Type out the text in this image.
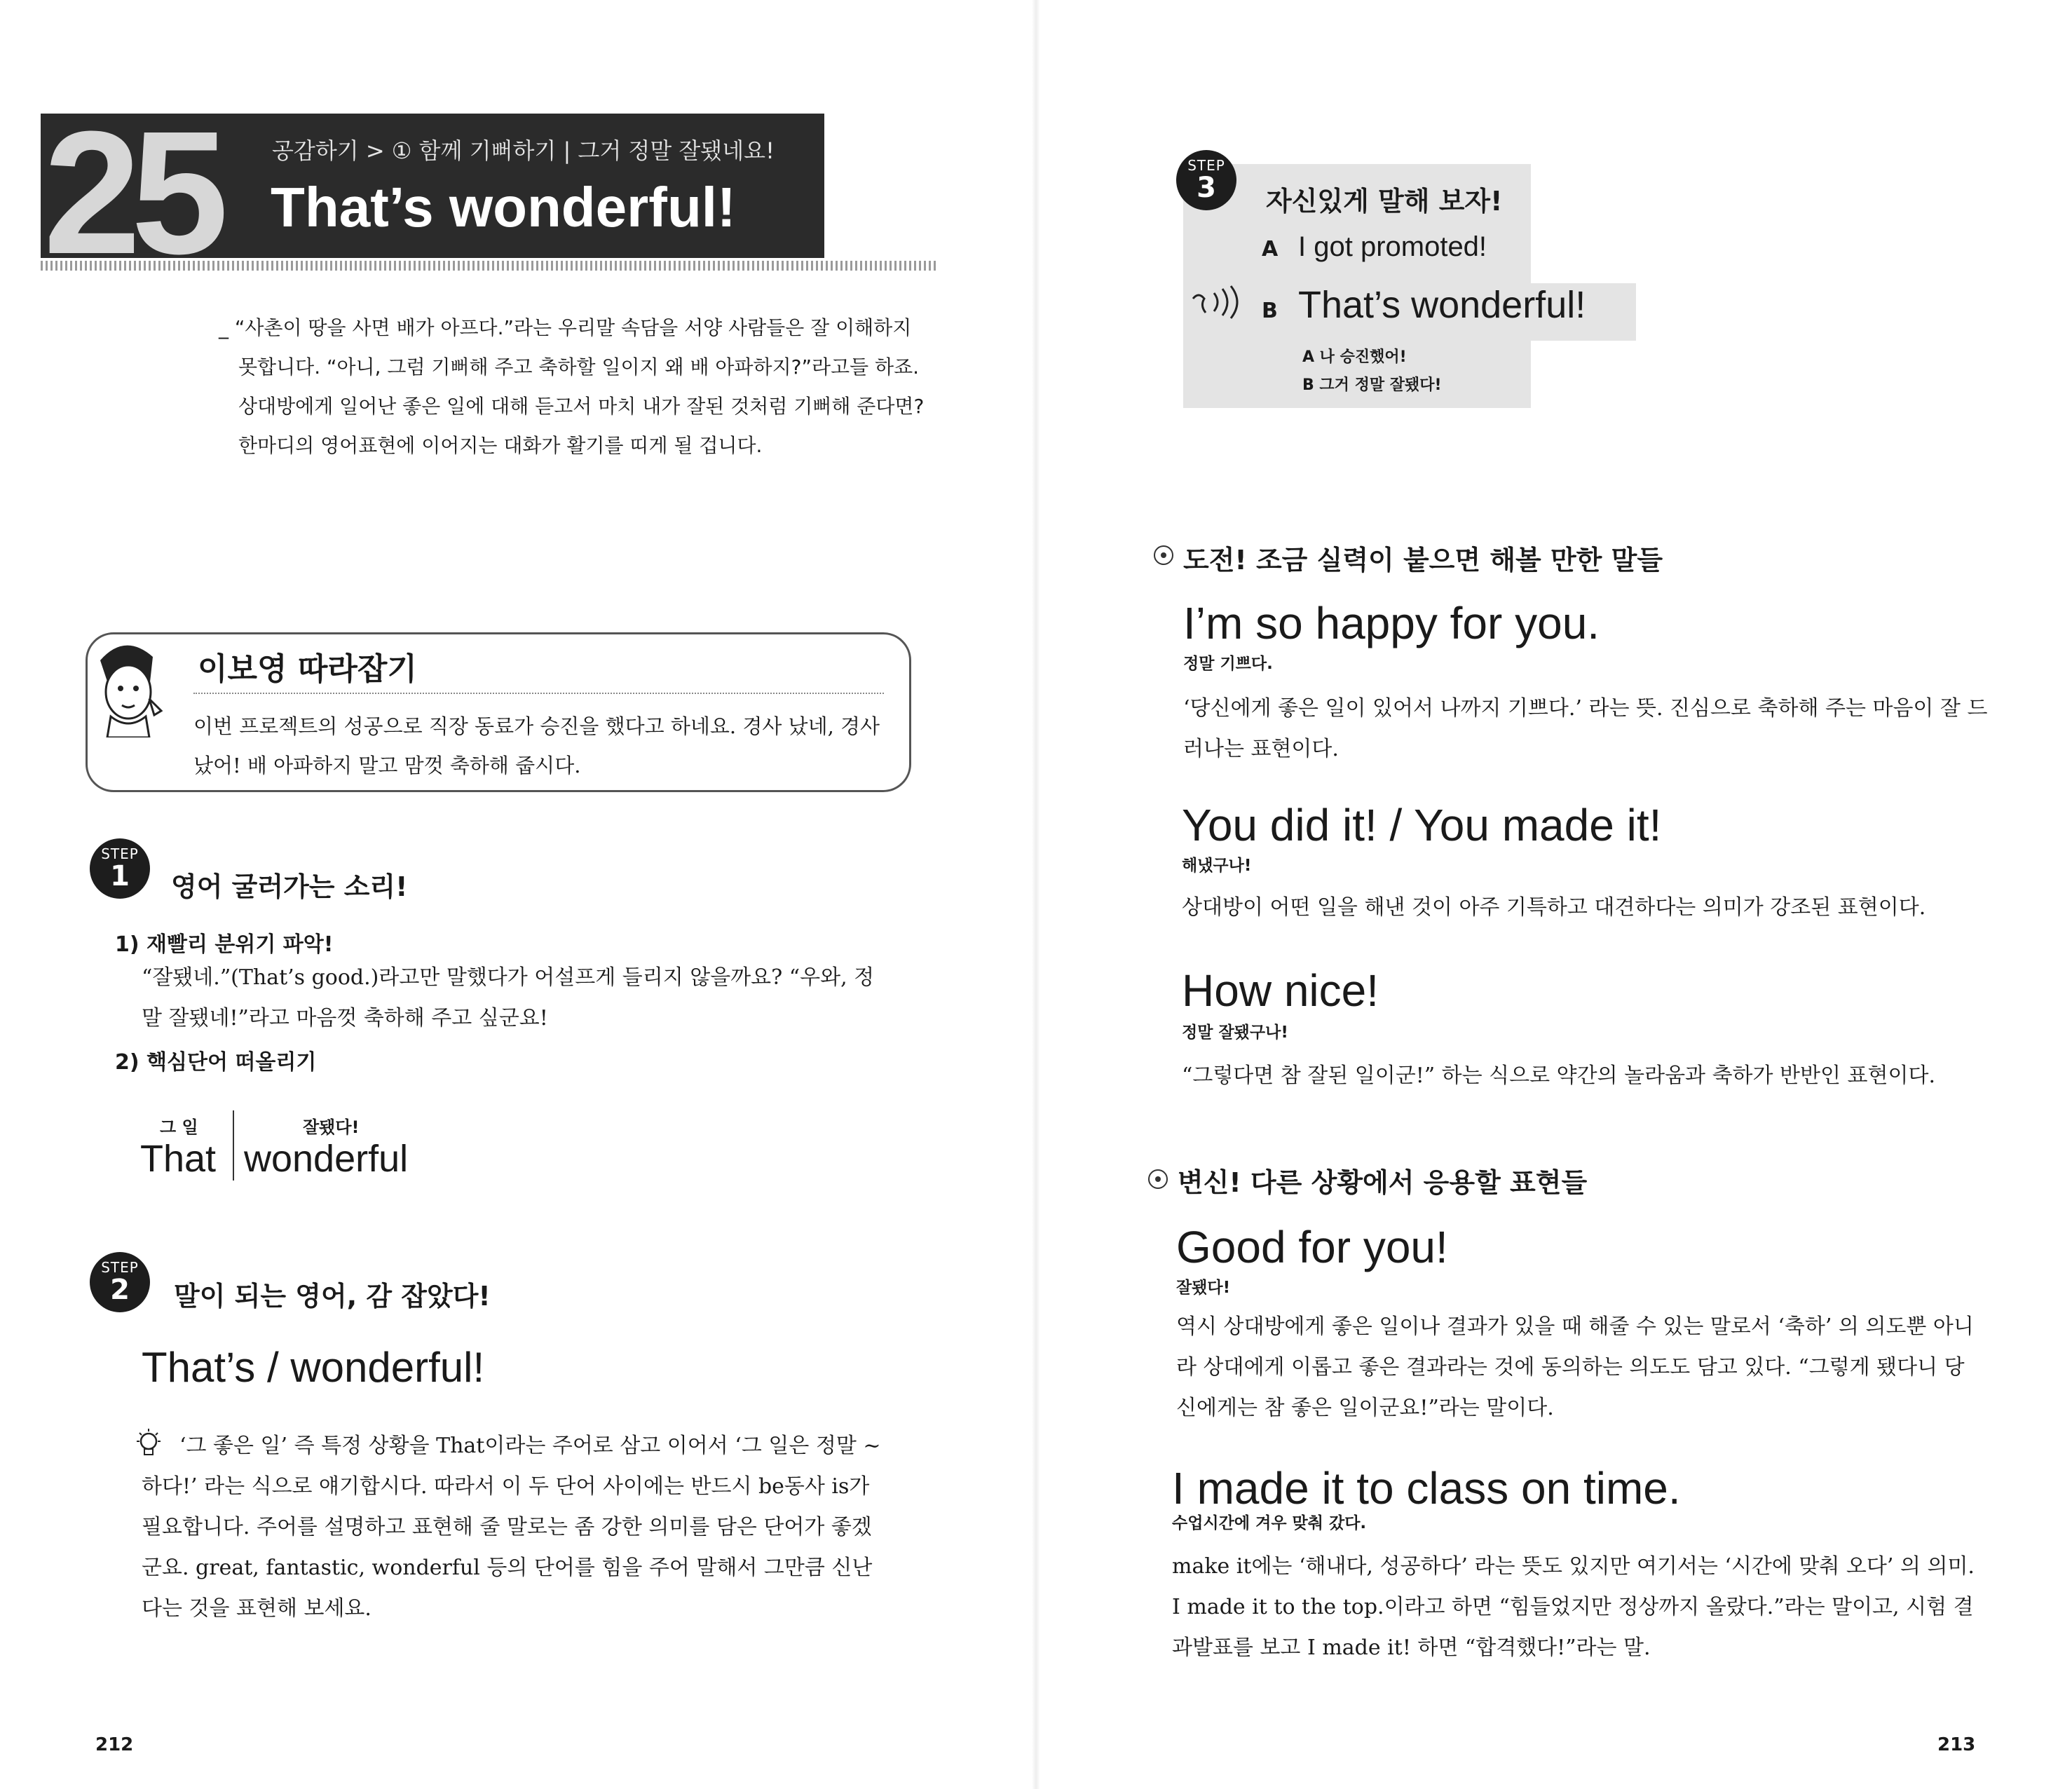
25 공감하기 > ① 함께 기뻐하기 | 그거 정말 잘됐네요!
That’s wonderful!
_ “사촌이 땅을 사면 배가 아프다.”라는 우리말 속담을 서양 사람들은 잘 이해하지 못합니다. “아니, 그럼 기뻐해 주고 축하할 일이지 왜 배 아파하지?”라고들 하죠. 상대방에게 일어난 좋은 일에 대해 듣고서 마치 내가 잘된 것처럼 기뻐해 준다면? 한마디의 영어표현에 이어지는 대화가 활기를 띠게 될 겁니다.
이보영 따라잡기
이번 프로젝트의 성공으로 직장 동료가 승진을 했다고 하네요. 경사 났네, 경사 났어! 배 아파하지 말고 맘껏 축하해 줍시다.
STEP
1	영어 굴러가는 소리!
1) 재빨리 분위기 파악!
“잘됐네.”(That’s good.)라고만 말했다가 어설프게 들리지 않을까요? “우와, 정말 잘됐네!”라고 마음껏 축하해 주고 싶군요!
2) 핵심단어 떠올리기
그 일	잘됐다!
That wonderful
STEP
2	말이 되는 영어, 감 잡았다!
That’s / wonderful!
‘그 좋은 일’ 즉 특정 상황을 That이라는 주어로 삼고 이어서 ‘그 일은 정말 ~하다!’ 라는 식으로 얘기합시다. 따라서 이 두 단어 사이에는 반드시 be동사 is가 필요합니다. 주어를 설명하고 표현해 줄 말로는 좀 강한 의미를 담은 단어가 좋겠군요. great, fantastic, wonderful 등의 단어를 힘을 주어 말해서 그만큼 신난다는 것을 표현해 보세요.
212
STEP
3	자신있게 말해 보자!
A I got promoted!
B That’s wonderful!
A 나 승진했어!
B 그거 정말 잘됐다!
도전! 조금 실력이 붙으면 해볼 만한 말들
I’m so happy for you.
정말 기쁘다.
‘당신에게 좋은 일이 있어서 나까지 기쁘다.’ 라는 뜻. 진심으로 축하해 주는 마음이 잘 드러나는 표현이다.
You did it! / You made it!
해냈구나!
상대방이 어떤 일을 해낸 것이 아주 기특하고 대견하다는 의미가 강조된 표현이다.
How nice!
정말 잘됐구나!
“그렇다면 참 잘된 일이군!” 하는 식으로 약간의 놀라움과 축하가 반반인 표현이다.
변신! 다른 상황에서 응용할 표현들
Good for you!
잘됐다!
역시 상대방에게 좋은 일이나 결과가 있을 때 해줄 수 있는 말로서 ‘축하’ 의 의도뿐 아니라 상대에게 이롭고 좋은 결과라는 것에 동의하는 의도도 담고 있다. “그렇게 됐다니 당신에게는 참 좋은 일이군요!”라는 말이다.
I made it to class on time.
수업시간에 겨우 맞춰 갔다.
make it에는 ‘해내다, 성공하다’ 라는 뜻도 있지만 여기서는 ‘시간에 맞춰 오다’ 의 의미. I made it to the top.이라고 하면 “힘들었지만 정상까지 올랐다.”라는 말이고, 시험 결과발표를 보고 I made it! 하면 “합격했다!”라는 말.
213
